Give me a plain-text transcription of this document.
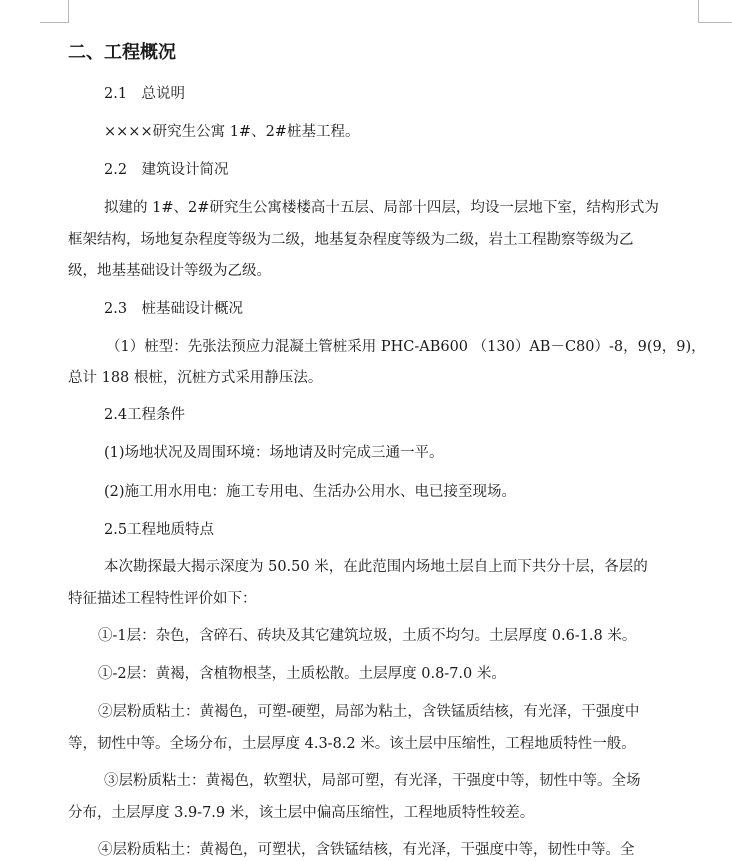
二、工程概况
2.1　总说明
××××研究生公寓 1#、2#桩基工程。
2.2　建筑设计简况
拟建的 1#、2#研究生公寓楼楼高十五层、局部十四层，均设一层地下室，结构形式为
框架结构，场地复杂程度等级为二级，地基复杂程度等级为二级，岩土工程勘察等级为乙
级，地基基础设计等级为乙级。
2.3　桩基础设计概况
（1）桩型：先张法预应力混凝土管桩采用 PHC-AB600 （130）AB－C80）-8，9(9，9)，
总计 188 根桩，沉桩方式采用静压法。
2.4工程条件
(1)场地状况及周围环境：场地请及时完成三通一平。
(2)施工用水用电：施工专用电、生活办公用水、电已接至现场。
2.5工程地质特点
本次勘探最大揭示深度为 50.50 米，在此范围内场地土层自上而下共分十层，各层的
特征描述工程特性评价如下：
①-1层：杂色，含碎石、砖块及其它建筑垃圾，土质不均匀。土层厚度 0.6-1.8 米。
①-2层：黄褐，含植物根茎，土质松散。土层厚度 0.8-7.0 米。
②层粉质粘土：黄褐色，可塑-硬塑，局部为粘土，含铁锰质结核，有光泽，干强度中
等，韧性中等。全场分布，土层厚度 4.3-8.2 米。该土层中压缩性，工程地质特性一般。
③层粉质粘土：黄褐色，软塑状，局部可塑，有光泽，干强度中等，韧性中等。全场
分布，土层厚度 3.9-7.9 米，该土层中偏高压缩性，工程地质特性较差。
④层粉质粘土：黄褐色，可塑状，含铁锰结核，有光泽，干强度中等，韧性中等。全
